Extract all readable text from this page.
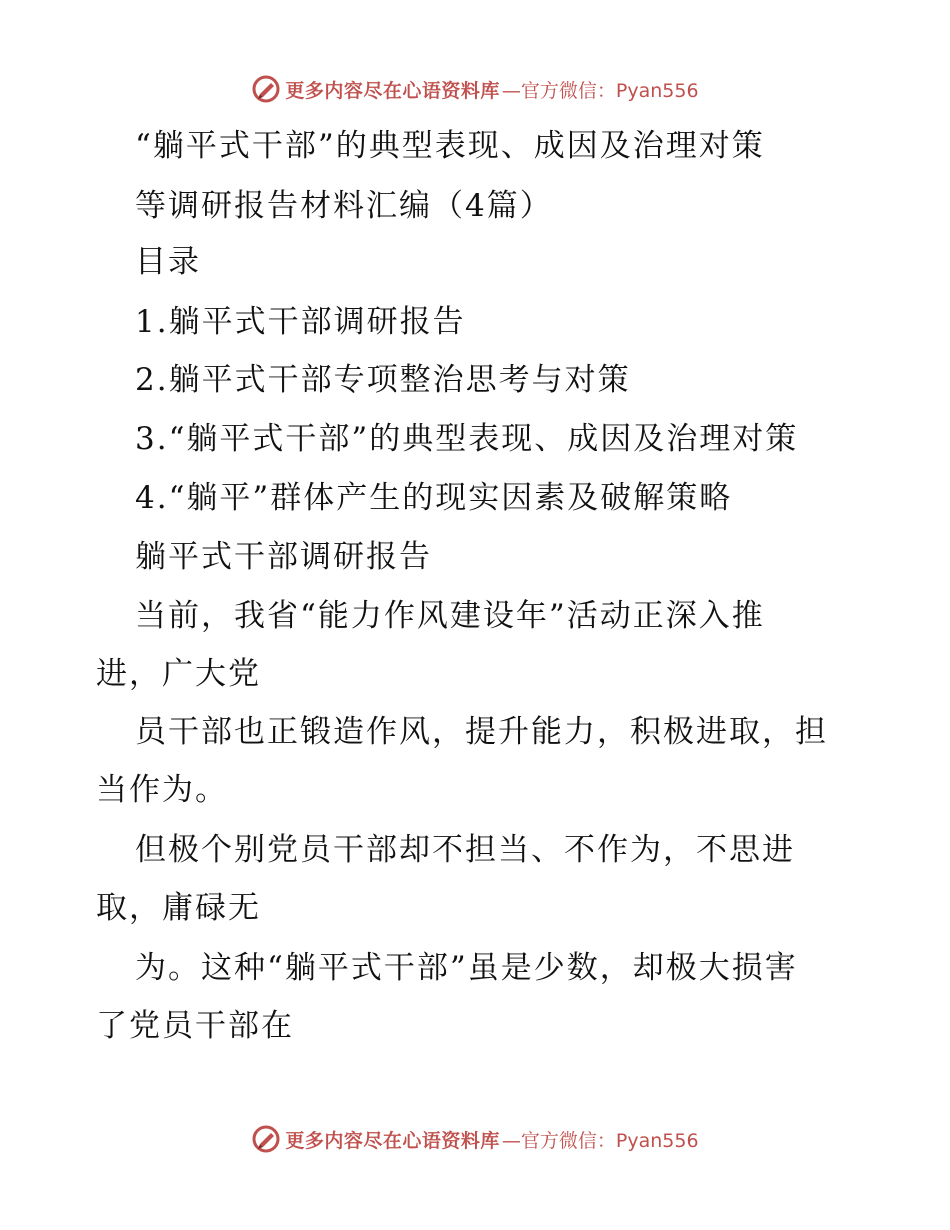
更多内容尽在心语资料库 —官方微信：Pyan556
“躺平式干部”的典型表现、成因及治理对策
等调研报告材料汇编（4篇）
目录
1.躺平式干部调研报告
2.躺平式干部专项整治思考与对策
3.“躺平式干部”的典型表现、成因及治理对策
4.“躺平”群体产生的现实因素及破解策略
躺平式干部调研报告
当前，我省“能力作风建设年”活动正深入推
进，广大党
员干部也正锻造作风，提升能力，积极进取，担
当作为。
但极个别党员干部却不担当、不作为，不思进
取，庸碌无
为。这种“躺平式干部”虽是少数，却极大损害
了党员干部在
更多内容尽在心语资料库 —官方微信：Pyan556
